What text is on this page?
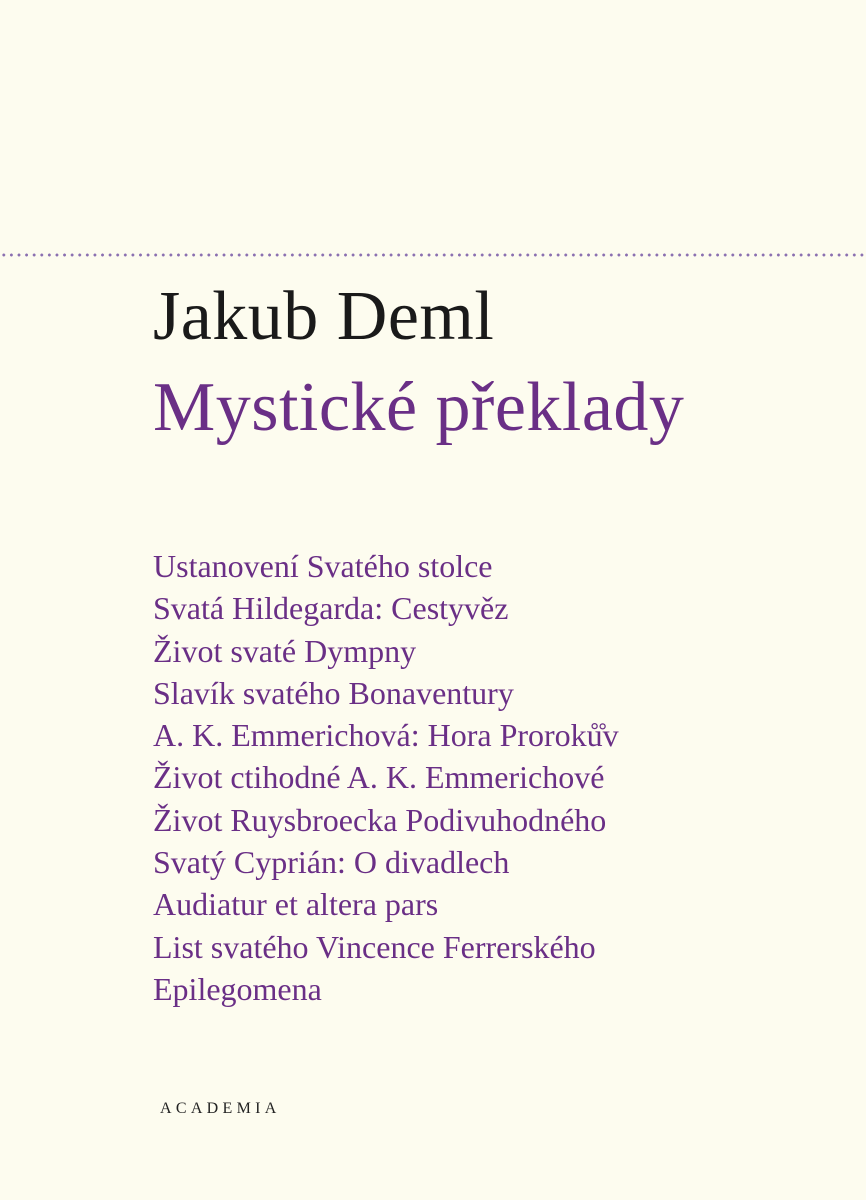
Jakub Deml
Mystické překlady
Ustanovení Svatého stolce
Svatá Hildegarda: Cestyvěz
Život svaté Dympny
Slavík svatého Bonaventury
A. K. Emmerichová: Hora Proroků̊v
Život ctihodné A. K. Emmerichové
Život Ruysbroecka Podivuhodného
Svatý Cyprián: O divadlech
Audiatur et altera pars
List svatého Vincence Ferrerského
Epilegomena
ACADEMIA
